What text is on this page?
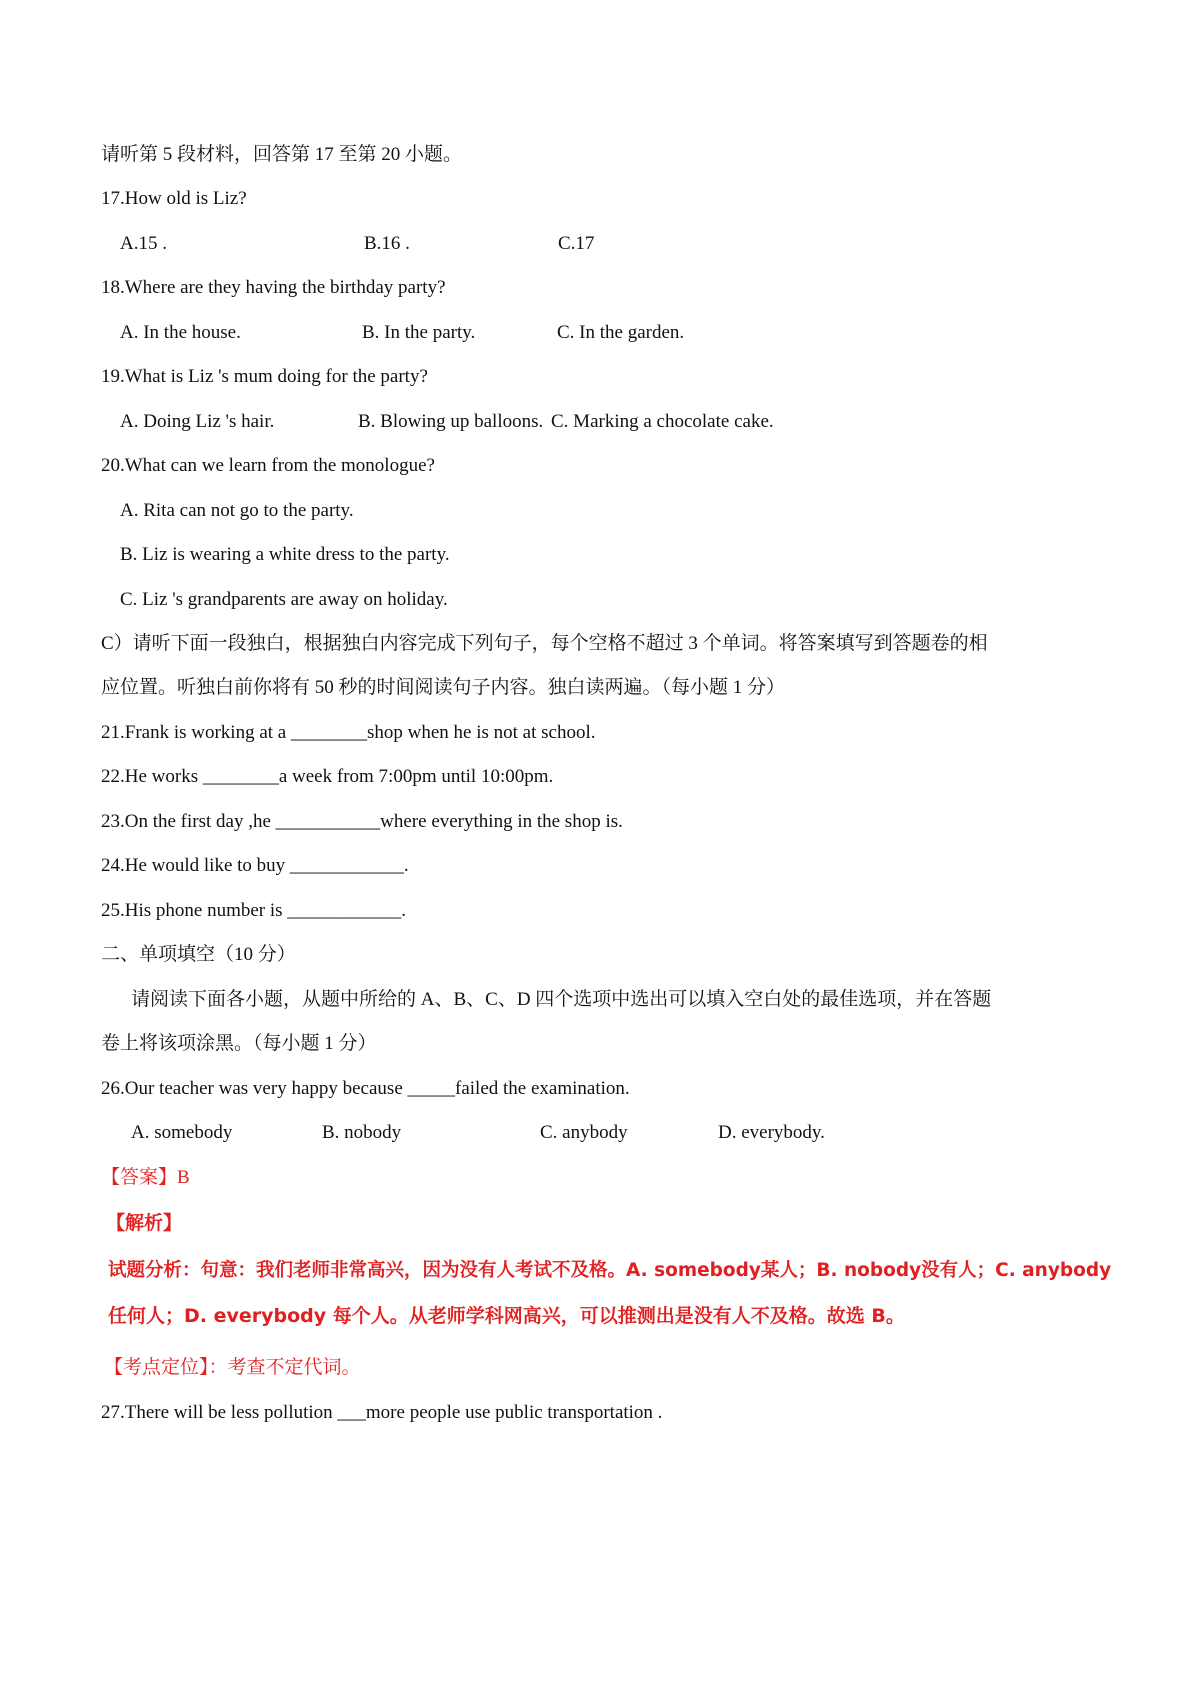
请听第 5 段材料，回答第 17 至第 20 小题。
17.How old is Liz?
A.15 .	B.16 .	C.17
18.Where are they having the birthday party?
A. In the house.	B. In the party.	C. In the garden.
19.What is Liz 's mum doing for the party?
A. Doing Liz 's hair.	B. Blowing up balloons. C. Marking a chocolate cake.
20.What can we learn from the monologue?
A. Rita can not go to the party.
B. Liz is wearing a white dress to the party.
C. Liz 's grandparents are away on holiday.
C）请听下面一段独白，根据独白内容完成下列句子，每个空格不超过 3 个单词。将答案填写到答题卷的相
应位置。听独白前你将有 50 秒的时间阅读句子内容。独白读两遍。（每小题 1 分）
21.Frank is working at a ________shop when he is not at school.
22.He works ________a week from 7:00pm until 10:00pm.
23.On the first day ,he ___________where everything in the shop is.
24.He would like to buy ____________.
25.His phone number is ____________.
二、单项填空（10 分）
请阅读下面各小题，从题中所给的 A、B、C、D 四个选项中选出可以填入空白处的最佳选项，并在答题
卷上将该项涂黑。（每小题 1 分）
26.Our teacher was very happy because _____failed the examination.
A. somebody	B. nobody	C. anybody	D. everybody.
【答案】B
【解析】
试题分析：句意：我们老师非常高兴，因为没有人考试不及格。A. somebody某人；B. nobody没有人；C. anybody
任何人；D. everybody 每个人。从老师学科网高兴，可以推测出是没有人不及格。故选 B。
【考点定位】：考查不定代词。
27.There will be less pollution ___more people use public transportation .
